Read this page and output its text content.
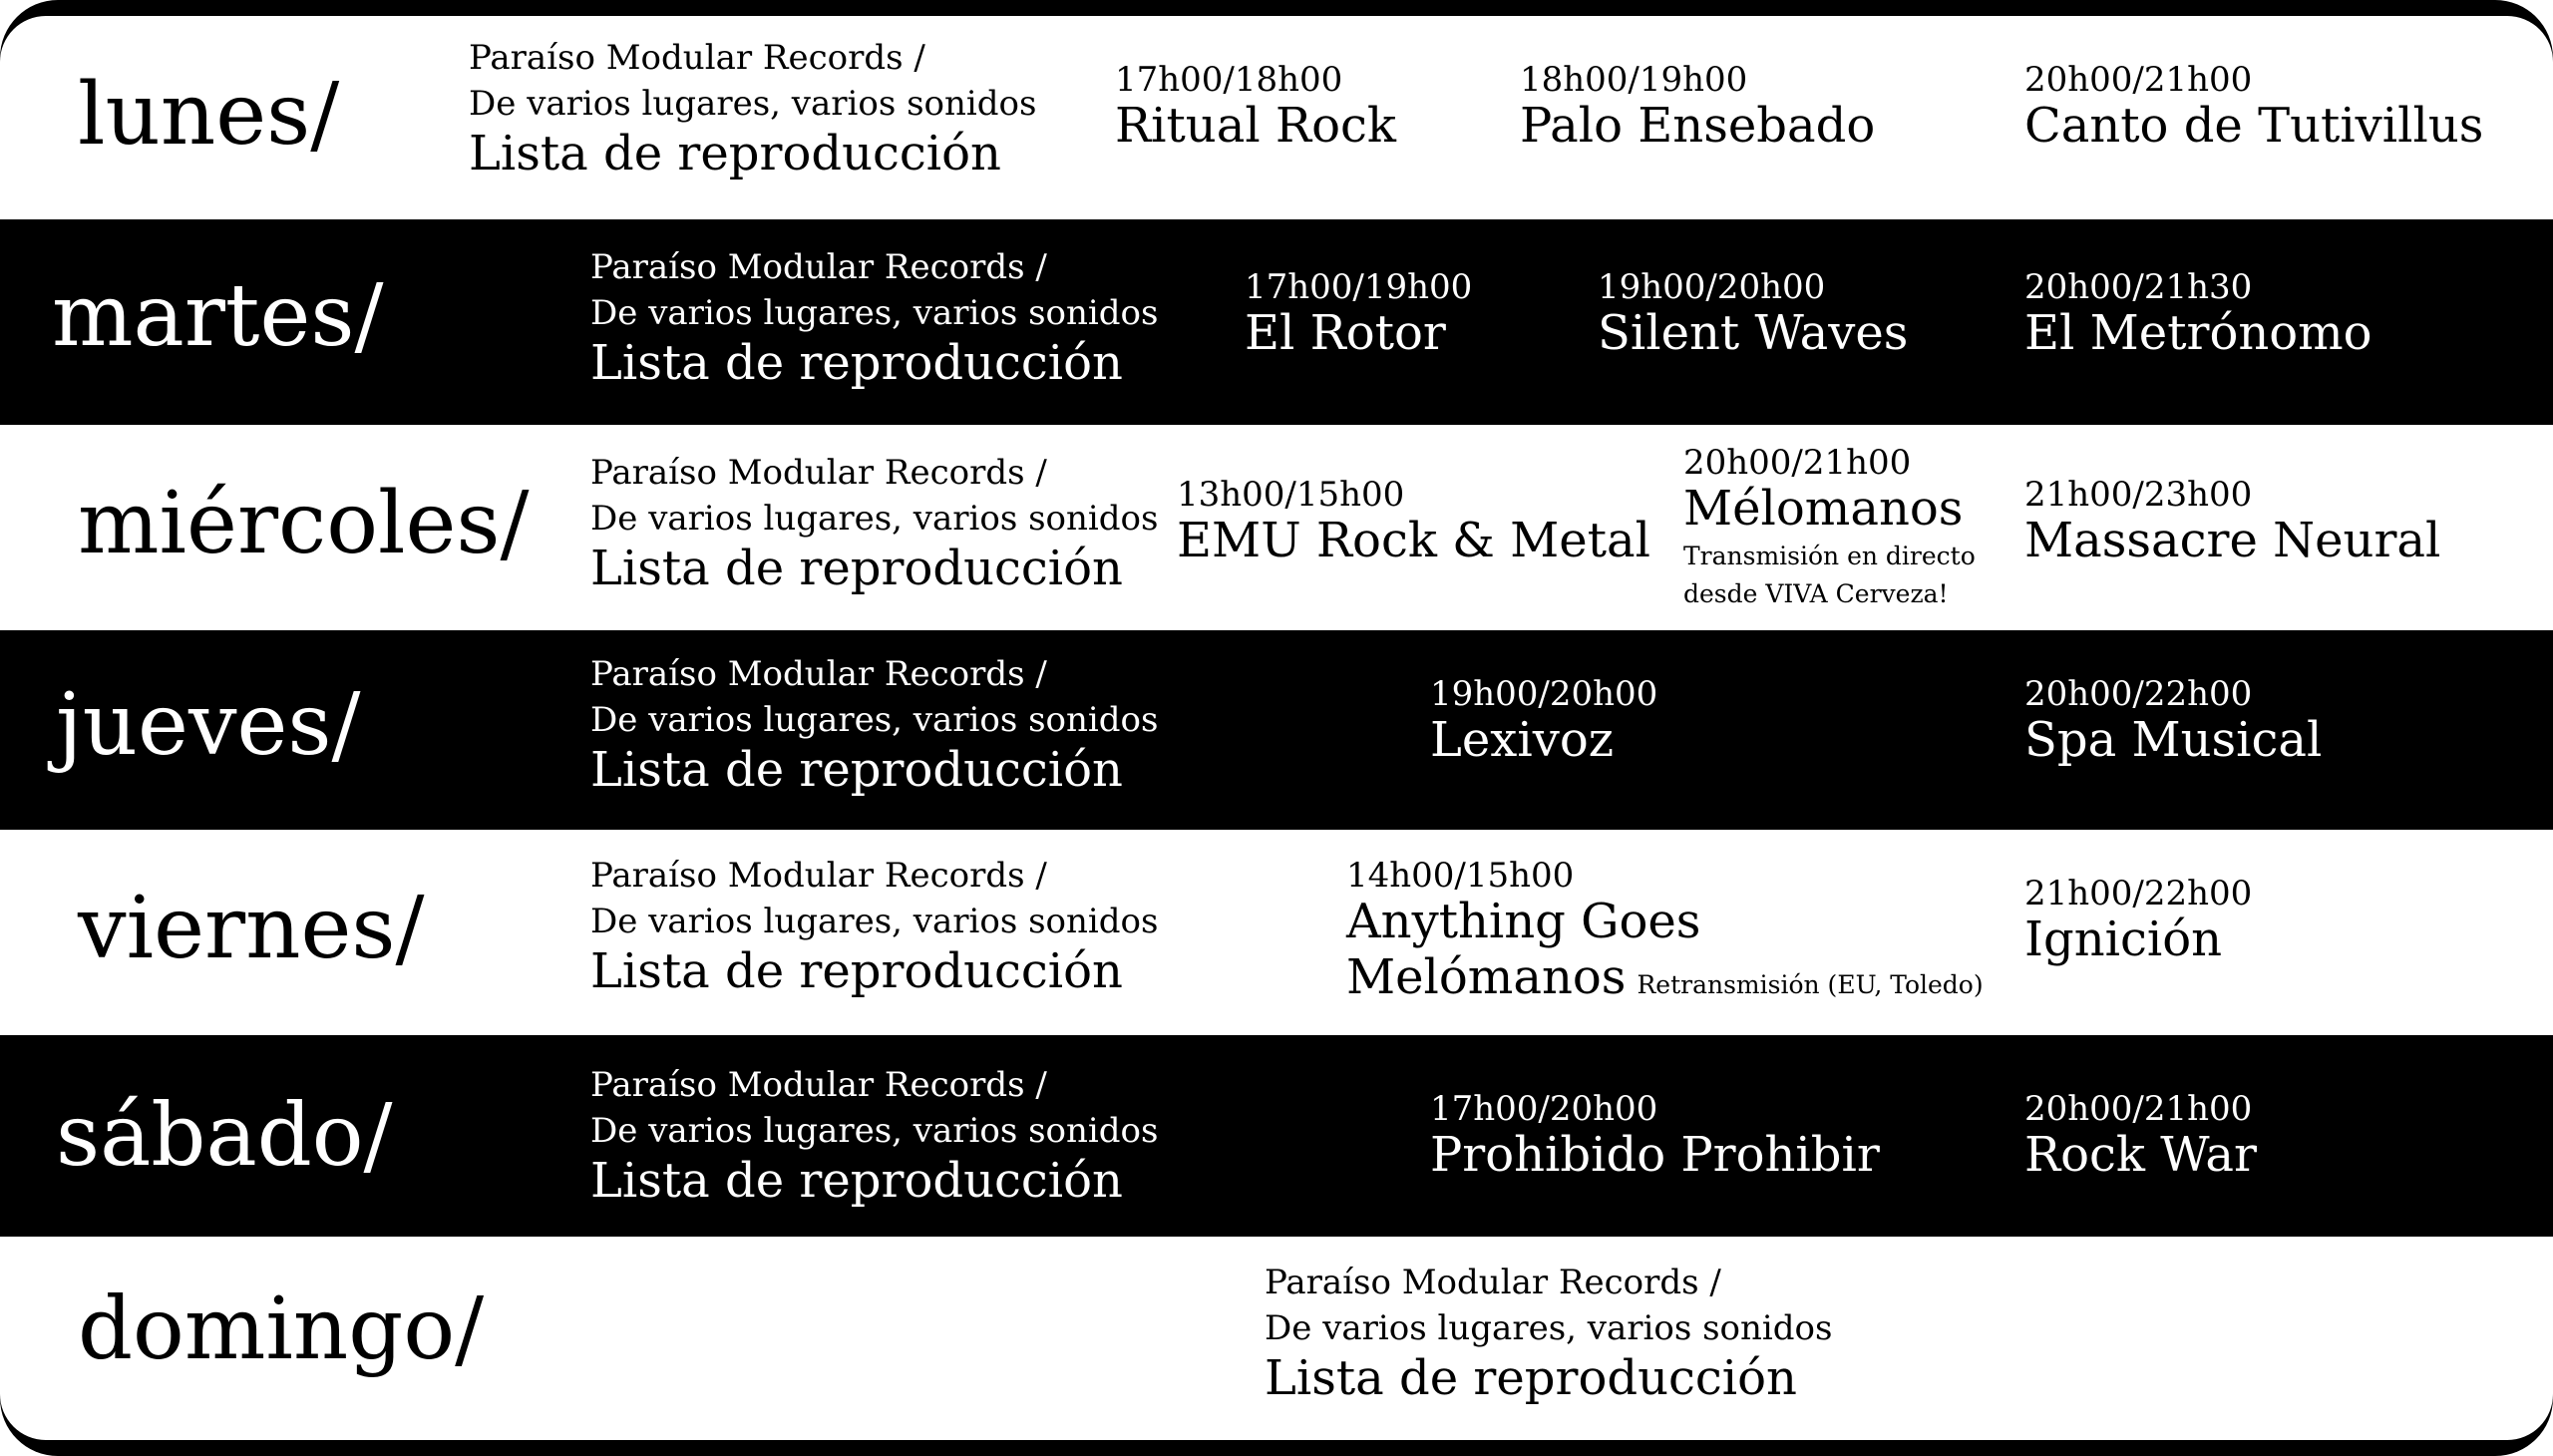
lunes/
Paraíso Modular Records /
De varios lugares, varios sonidos
Lista de reproducción
17h00/18h00
Ritual Rock
18h00/19h00
Palo Ensebado
20h00/21h00
Canto de Tutivillus
martes/	Paraíso Modular Records /
De varios lugares, varios sonidos
Lista de reproducción
17h00/19h00
El Rotor
19h00/20h00
Silent Waves
20h00/21h30
El Metrónomo
miércoles/
Paraíso Modular Records /
De varios lugares, varios sonidos
Lista de reproducción
13h00/15h00
EMU Rock & Metal
20h00/21h00
Mélomanos
Transmisión en directo
desde VIVA Cerveza!
21h00/23h00
Massacre Neural
jueves/
Paraíso Modular Records /
De varios lugares, varios sonidos
Lista de reproducción
19h00/20h00
Lexivoz
20h00/22h00
Spa Musical
viernes/
Paraíso Modular Records /
De varios lugares, varios sonidos
Lista de reproducción
14h00/15h00
Anything Goes
Melómanos Retransmisión (EU, Toledo)
21h00/22h00
Ignición
sábado/
Paraíso Modular Records /
De varios lugares, varios sonidos
Lista de reproducción
17h00/20h00
Prohibido Prohibir
20h00/21h00
Rock War
domingo/	Paraíso Modular Records /
De varios lugares, varios sonidos
Lista de reproducción
